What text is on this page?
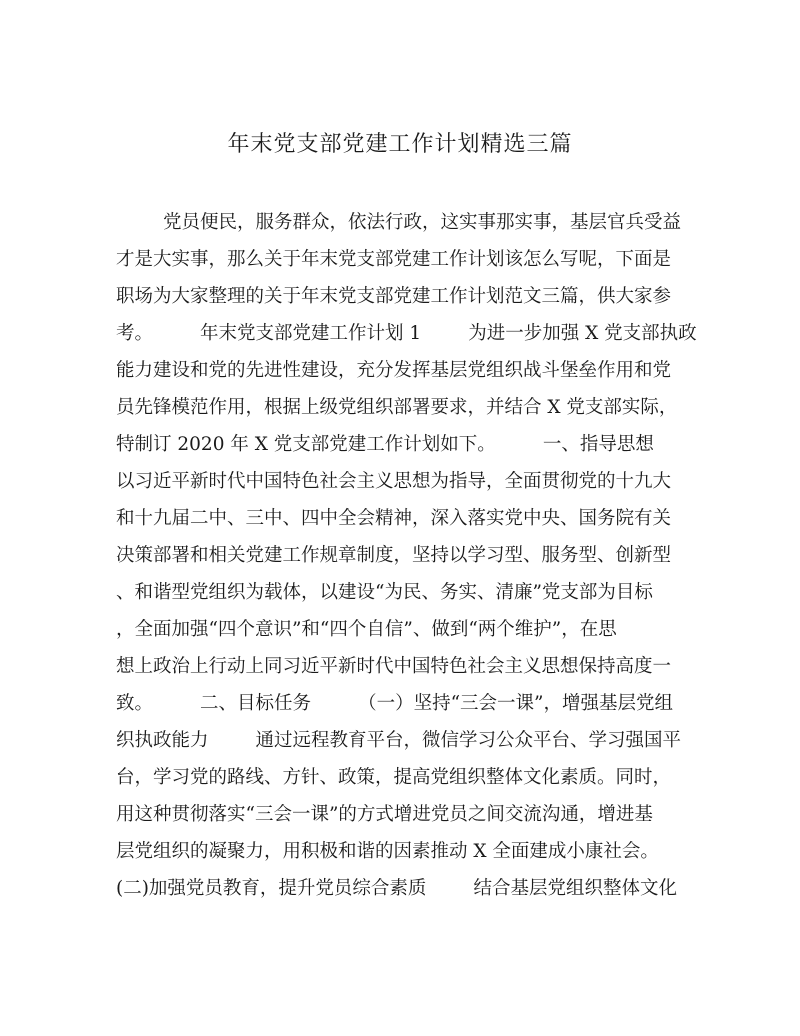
年末党支部党建工作计划精选三篇
党员便民，服务群众，依法行政，这实事那实事，基层官兵受益
才是大实事，那么关于年末党支部党建工作计划该怎么写呢，下面是
职场为大家整理的关于年末党支部党建工作计划范文三篇，供大家参
考。        年末党支部党建工作计划 1        为进一步加强 X 党支部执政
能力建设和党的先进性建设，充分发挥基层党组织战斗堡垒作用和党
员先锋模范作用，根据上级党组织部署要求，并结合 X 党支部实际，
特制订 2020 年 X 党支部党建工作计划如下。        一、指导思想
以习近平新时代中国特色社会主义思想为指导，全面贯彻党的十九大
和十九届二中、三中、四中全会精神，深入落实党中央、国务院有关
决策部署和相关党建工作规章制度，坚持以学习型、服务型、创新型
、和谐型党组织为载体，以建设“为民、务实、清廉”党支部为目标
，全面加强“四个意识”和“四个自信”、做到“两个维护”，在思
想上政治上行动上同习近平新时代中国特色社会主义思想保持高度一
致。        二、目标任务        （一）坚持“三会一课”，增强基层党组
织执政能力        通过远程教育平台，微信学习公众平台、学习强国平
台，学习党的路线、方针、政策，提高党组织整体文化素质。同时，
用这种贯彻落实“三会一课”的方式增进党员之间交流沟通，增进基
层党组织的凝聚力，用积极和谐的因素推动 X 全面建成小康社会。
(二)加强党员教育，提升党员综合素质        结合基层党组织整体文化
